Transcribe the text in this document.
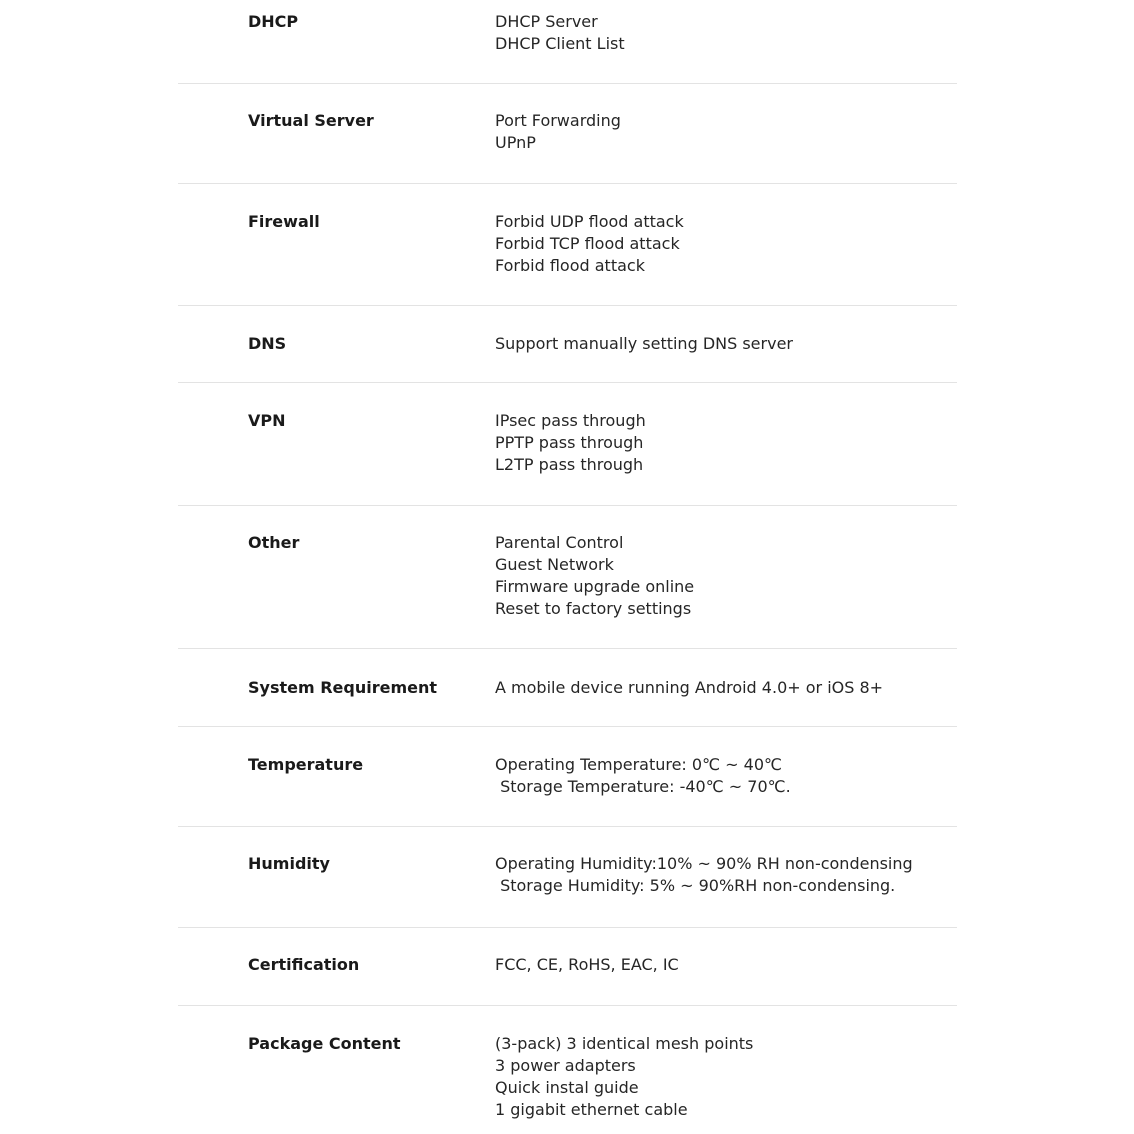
DHCP	DHCP Server
DHCP Client List
Virtual Server	Port Forwarding
UPnP
Firewall	Forbid UDP flood attack
Forbid TCP flood attack
Forbid flood attack
DNS	Support manually setting DNS server
VPN	IPsec pass through
PPTP pass through
L2TP pass through
Other	Parental Control
Guest Network
Firmware upgrade online
Reset to factory settings
System Requirement	A mobile device running Android 4.0+ or iOS 8+
Temperature	Operating Temperature: 0℃ ~ 40℃
Storage Temperature: -40℃ ~ 70℃.
Humidity	Operating Humidity:10% ~ 90% RH non-condensing
Storage Humidity: 5% ~ 90%RH non-condensing.
Certification	FCC, CE, RoHS, EAC, IC
Package Content	(3-pack) 3 identical mesh points
3 power adapters
Quick instal guide
1 gigabit ethernet cable
